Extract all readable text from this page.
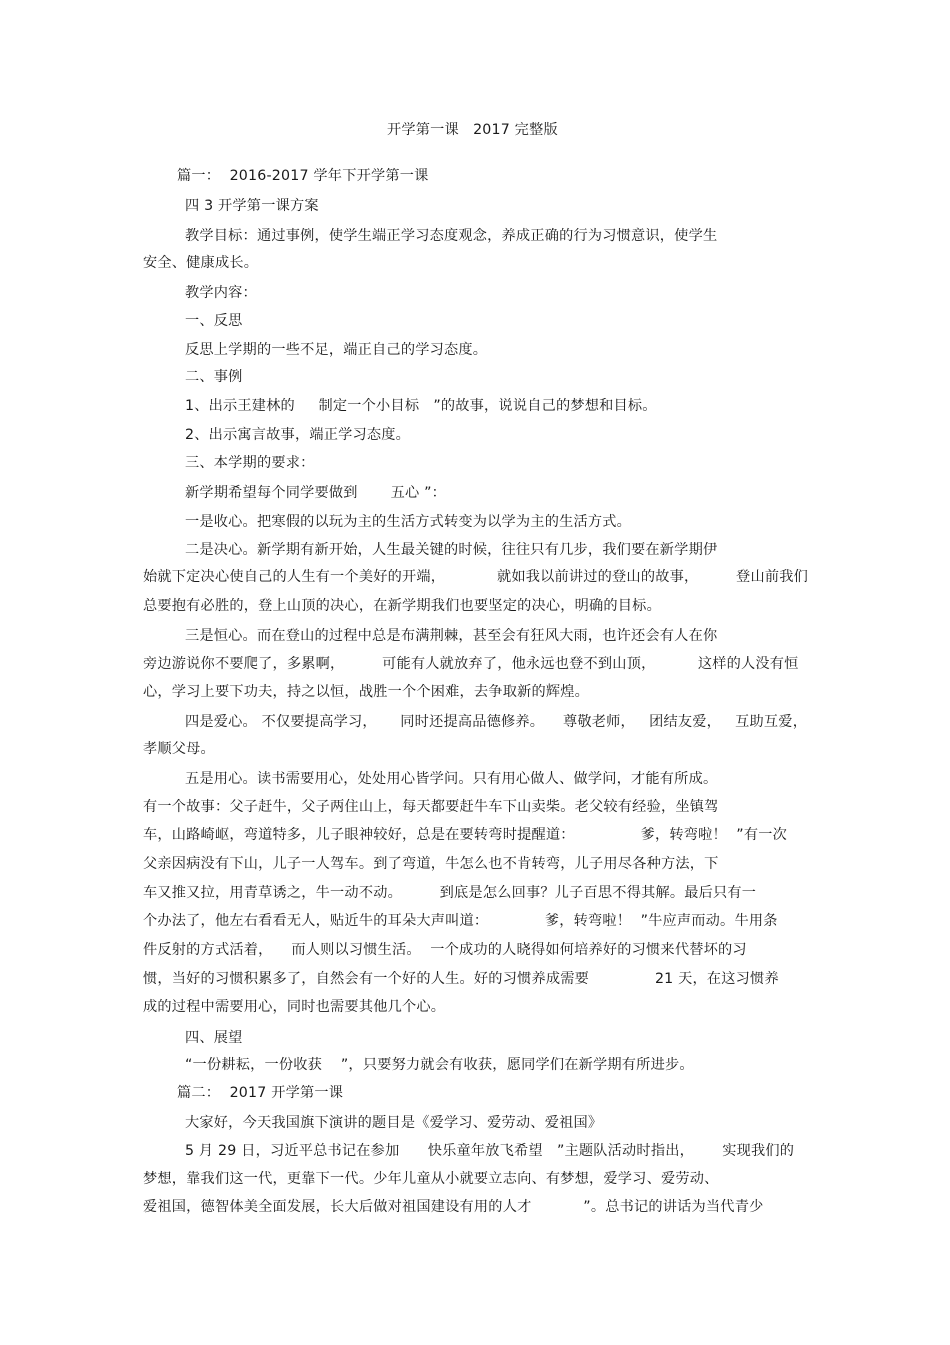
开学第一课   2017 完整版
篇一：  2016-2017 学年下开学第一课
四 3 开学第一课方案
教学目标：通过事例，使学生端正学习态度观念，养成正确的行为习惯意识，使学生
安全、健康成长。
教学内容：
一、反思
反思上学期的一些不足，端正自己的学习态度。
二、事例
1、出示王建林的     制定一个小目标   ”的故事，说说自己的梦想和目标。
2、出示寓言故事，端正学习态度。
三、本学期的要求：
新学期希望每个同学要做到       五心 ”：
一是收心。把寒假的以玩为主的生活方式转变为以学为主的生活方式。
二是决心。新学期有新开始，人生最关键的时候，往往只有几步，我们要在新学期伊
始就下定决心使自己的人生有一个美好的开端，           就如我以前讲过的登山的故事，        登山前我们
总要抱有必胜的，登上山顶的决心，在新学期我们也要坚定的决心，明确的目标。
三是恒心。而在登山的过程中总是布满荆棘，甚至会有狂风大雨，也许还会有人在你
旁边游说你不要爬了，多累啊，        可能有人就放弃了，他永远也登不到山顶，         这样的人没有恒
心，学习上要下功夫，持之以恒，战胜一个个困难，去争取新的辉煌。
四是爱心。 不仅要提高学习，     同时还提高品德修养。    尊敬老师，   团结友爱，   互助互爱，
孝顺父母。
五是用心。读书需要用心，处处用心皆学问。只有用心做人、做学问，才能有所成。
有一个故事：父子赶牛，父子两住山上，每天都要赶牛车下山卖柴。老父较有经验，坐镇驾
车，山路崎岖，弯道特多，儿子眼神较好，总是在要转弯时提醒道：              爹，转弯啦！  ”有一次
父亲因病没有下山，儿子一人驾车。到了弯道，牛怎么也不肯转弯，儿子用尽各种方法，下
车又推又拉，用青草诱之，牛一动不动。        到底是怎么回事？儿子百思不得其解。最后只有一
个办法了，他左右看看无人，贴近牛的耳朵大声叫道：            爹，转弯啦！  ”牛应声而动。牛用条
件反射的方式活着，    而人则以习惯生活。  一个成功的人晓得如何培养好的习惯来代替坏的习
惯，当好的习惯积累多了，自然会有一个好的人生。好的习惯养成需要              21 天，在这习惯养
成的过程中需要用心，同时也需要其他几个心。
四、展望
“一份耕耘，一份收获    ”，只要努力就会有收获，愿同学们在新学期有所进步。
篇二：  2017 开学第一课
大家好，今天我国旗下演讲的题目是《爱学习、爱劳动、爱祖国》
5 月 29 日，习近平总书记在参加      快乐童年放飞希望   ”主题队活动时指出，      实现我们的
梦想，靠我们这一代，更靠下一代。少年儿童从小就要立志向、有梦想，爱学习、爱劳动、
爱祖国，德智体美全面发展，长大后做对祖国建设有用的人才           ”。总书记的讲话为当代青少
